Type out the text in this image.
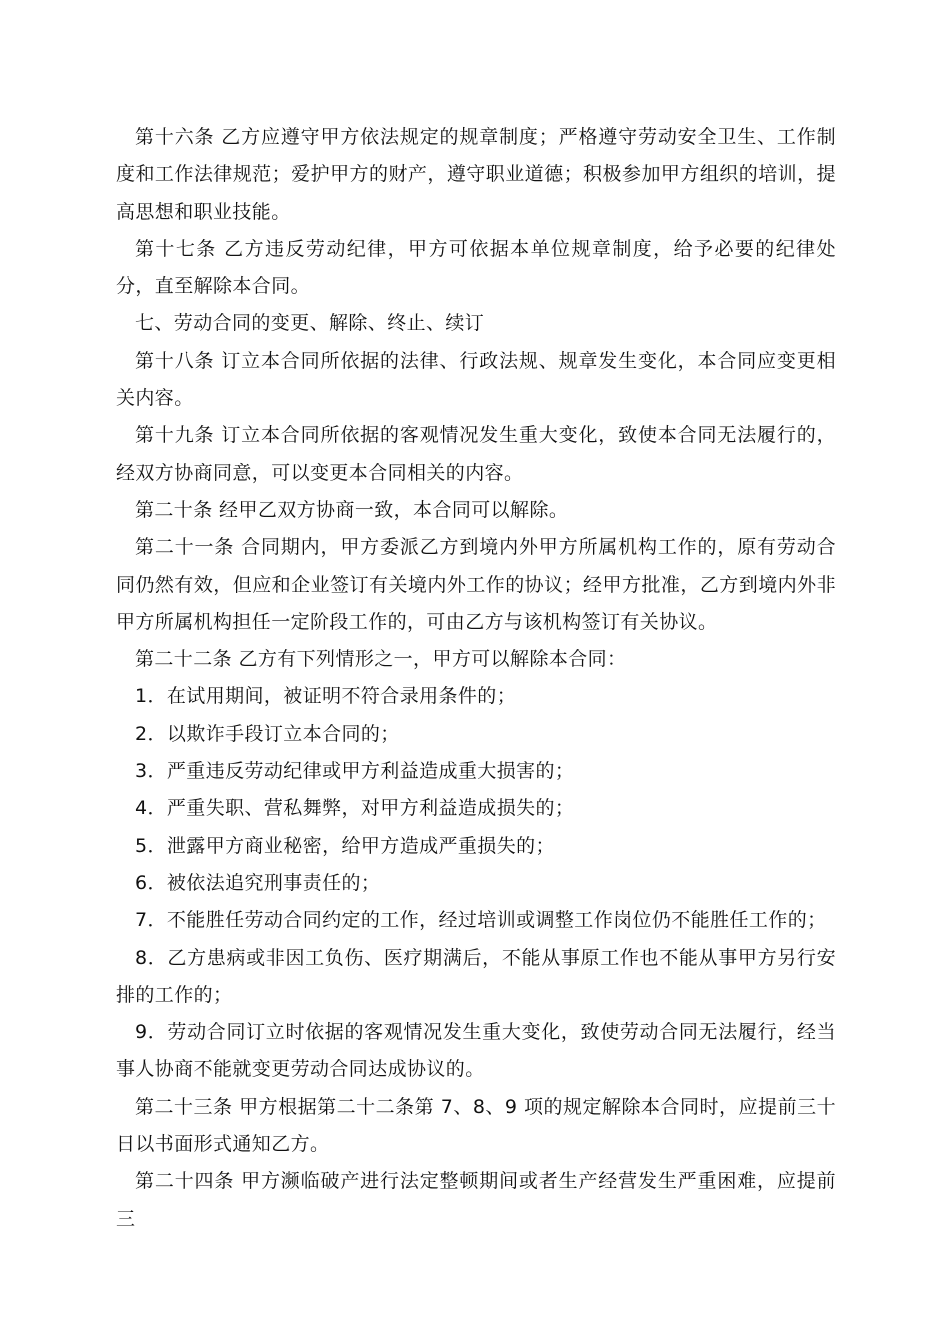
第十六条 乙方应遵守甲方依法规定的规章制度；严格遵守劳动安全卫生、工作制度和工作法律规范；爱护甲方的财产，遵守职业道德；积极参加甲方组织的培训，提高思想和职业技能。

第十七条 乙方违反劳动纪律，甲方可依据本单位规章制度，给予必要的纪律处分，直至解除本合同。

七、劳动合同的变更、解除、终止、续订

第十八条 订立本合同所依据的法律、行政法规、规章发生变化，本合同应变更相关内容。

第十九条 订立本合同所依据的客观情况发生重大变化，致使本合同无法履行的，经双方协商同意，可以变更本合同相关的内容。

第二十条 经甲乙双方协商一致，本合同可以解除。

第二十一条 合同期内，甲方委派乙方到境内外甲方所属机构工作的，原有劳动合同仍然有效，但应和企业签订有关境内外工作的协议；经甲方批准，乙方到境内外非甲方所属机构担任一定阶段工作的，可由乙方与该机构签订有关协议。

第二十二条 乙方有下列情形之一，甲方可以解除本合同：

1．在试用期间，被证明不符合录用条件的；

2．以欺诈手段订立本合同的；

3．严重违反劳动纪律或甲方利益造成重大损害的；

4．严重失职、营私舞弊，对甲方利益造成损失的；

5．泄露甲方商业秘密，给甲方造成严重损失的；

6．被依法追究刑事责任的；

7．不能胜任劳动合同约定的工作，经过培训或调整工作岗位仍不能胜任工作的；

8．乙方患病或非因工负伤、医疗期满后，不能从事原工作也不能从事甲方另行安排的工作的；

9．劳动合同订立时依据的客观情况发生重大变化，致使劳动合同无法履行，经当事人协商不能就变更劳动合同达成协议的。

第二十三条 甲方根据第二十二条第 7、8、9 项的规定解除本合同时，应提前三十日以书面形式通知乙方。

第二十四条 甲方濒临破产进行法定整顿期间或者生产经营发生严重困难，应提前三
